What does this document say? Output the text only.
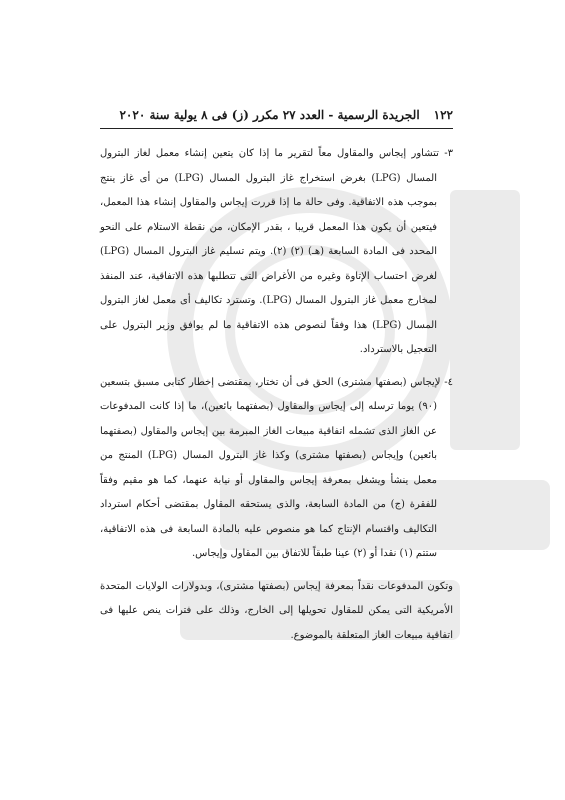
١٢٢
الجريدة الرسمية - العدد ٢٧ مكرر (ز) فى ٨ يولية سنة ٢٠٢٠

٣- تتشاور إيجاس والمقاول معاً لتقرير ما إذا كان يتعين إنشاء معمل لغاز البترول المسال (LPG) بغرض استخراج غاز البترول المسال (LPG) من أى غاز ينتج بموجب هذه الاتفاقية. وفى حالة ما إذا قررت إيجاس والمقاول إنشاء هذا المعمل، فيتعين أن يكون هذا المعمل قريبا ، بقدر الإمكان، من نقطة الاستلام على النحو المحدد فى المادة السابعة (هـ) (٢) (٢). ويتم تسليم غاز البترول المسال (LPG) لغرض احتساب الإتاوة وغيره من الأغراض التى تتطلبها هذه الاتفاقية، عند المنفذ لمخارج معمل غاز البترول المسال (LPG). وتسترد تكاليف أى معمل لغاز البترول المسال (LPG) هذا وفقاً لنصوص هذه الاتفاقية ما لم يوافق وزير البترول على التعجيل بالاسترداد.

٤- لإيجاس (بصفتها مشترى) الحق فى أن تختار، بمقتضى إخطار كتابى مسبق بتسعين (٩٠) يوما ترسله إلى إيجاس والمقاول (بصفتهما بائعين)، ما إذا كانت المدفوعات عن الغاز الذى تشمله اتفاقية مبيعات الغاز المبرمة بين إيجاس والمقاول (بصفتهما بائعين) وإيجاس (بصفتها مشترى) وكذا غاز البترول المسال (LPG) المنتج من معمل ينشأ ويشغل بمعرفة إيجاس والمقاول أو نيابة عنهما، كما هو مقيم وفقاً للفقرة (ج) من المادة السابعة، والذى يستحقه المقاول بمقتضى أحكام استرداد التكاليف واقتسام الإنتاج كما هو منصوص عليه بالمادة السابعة فى هذه الاتفاقية، ستتم (١) نقدا أو (٢) عينا طبقاً للاتفاق بين المقاول وإيجاس.

وتكون المدفوعات نقداً بمعرفة إيجاس (بصفتها مشترى)، وبدولارات الولايات المتحدة الأمريكية التى يمكن للمقاول تحويلها إلى الخارج، وذلك على فترات ينص عليها فى اتفاقية مبيعات الغاز المتعلقة بالموضوع.
